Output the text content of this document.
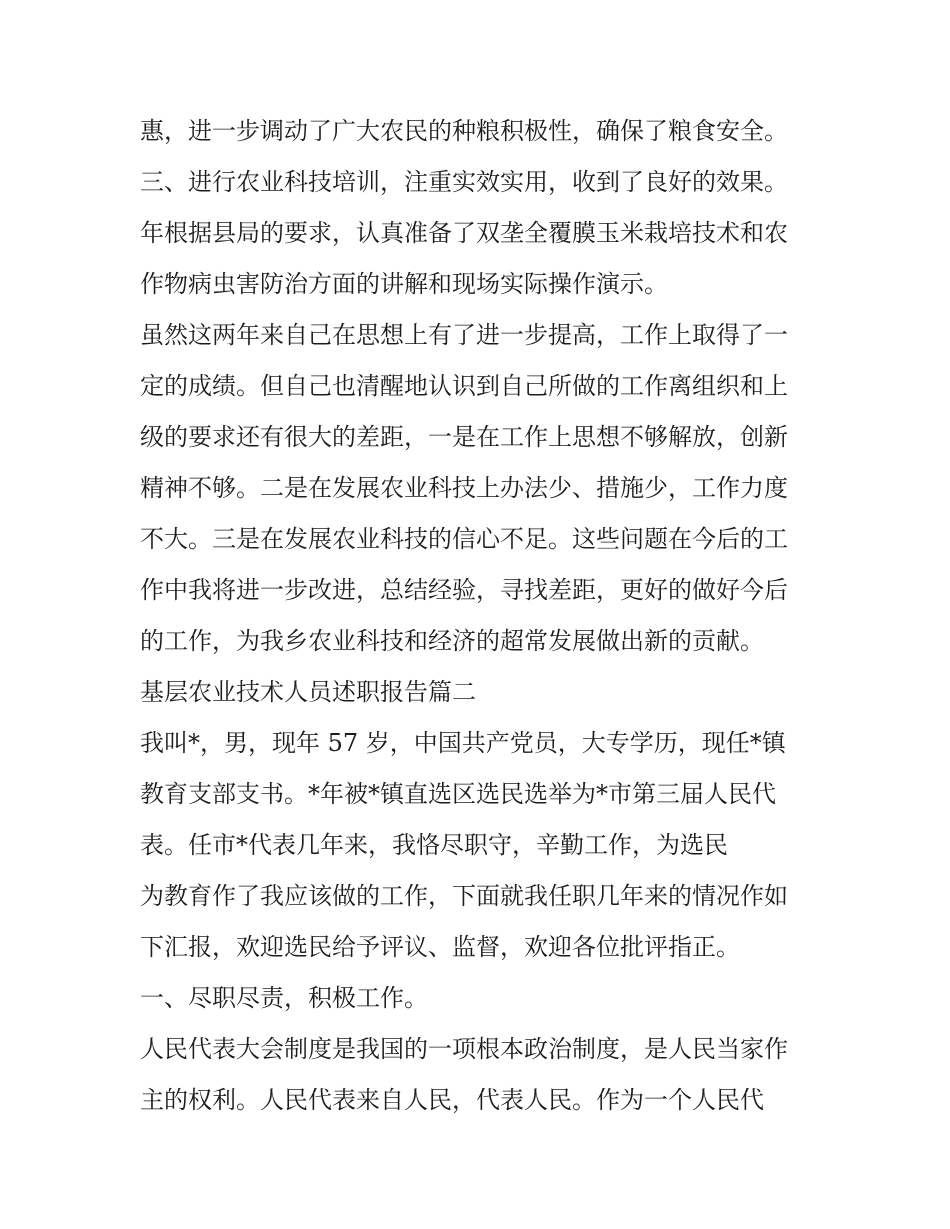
惠，进一步调动了广大农民的种粮积极性，确保了粮食安全。
三、进行农业科技培训，注重实效实用，收到了良好的效果。
年根据县局的要求，认真准备了双垄全覆膜玉米栽培技术和农
作物病虫害防治方面的讲解和现场实际操作演示。
虽然这两年来自己在思想上有了进一步提高，工作上取得了一
定的成绩。但自己也清醒地认识到自己所做的工作离组织和上
级的要求还有很大的差距，一是在工作上思想不够解放，创新
精神不够。二是在发展农业科技上办法少、措施少，工作力度
不大。三是在发展农业科技的信心不足。这些问题在今后的工
作中我将进一步改进，总结经验，寻找差距，更好的做好今后
的工作，为我乡农业科技和经济的超常发展做出新的贡献。
基层农业技术人员述职报告篇二
我叫*，男，现年 57 岁，中国共产党员，大专学历，现任*镇
教育支部支书。*年被*镇直选区选民选举为*市第三届人民代
表。任市*代表几年来，我恪尽职守，辛勤工作，为选民
为教育作了我应该做的工作，下面就我任职几年来的情况作如
下汇报，欢迎选民给予评议、监督，欢迎各位批评指正。
一、尽职尽责，积极工作。
人民代表大会制度是我国的一项根本政治制度，是人民当家作
主的权利。人民代表来自人民，代表人民。作为一个人民代
